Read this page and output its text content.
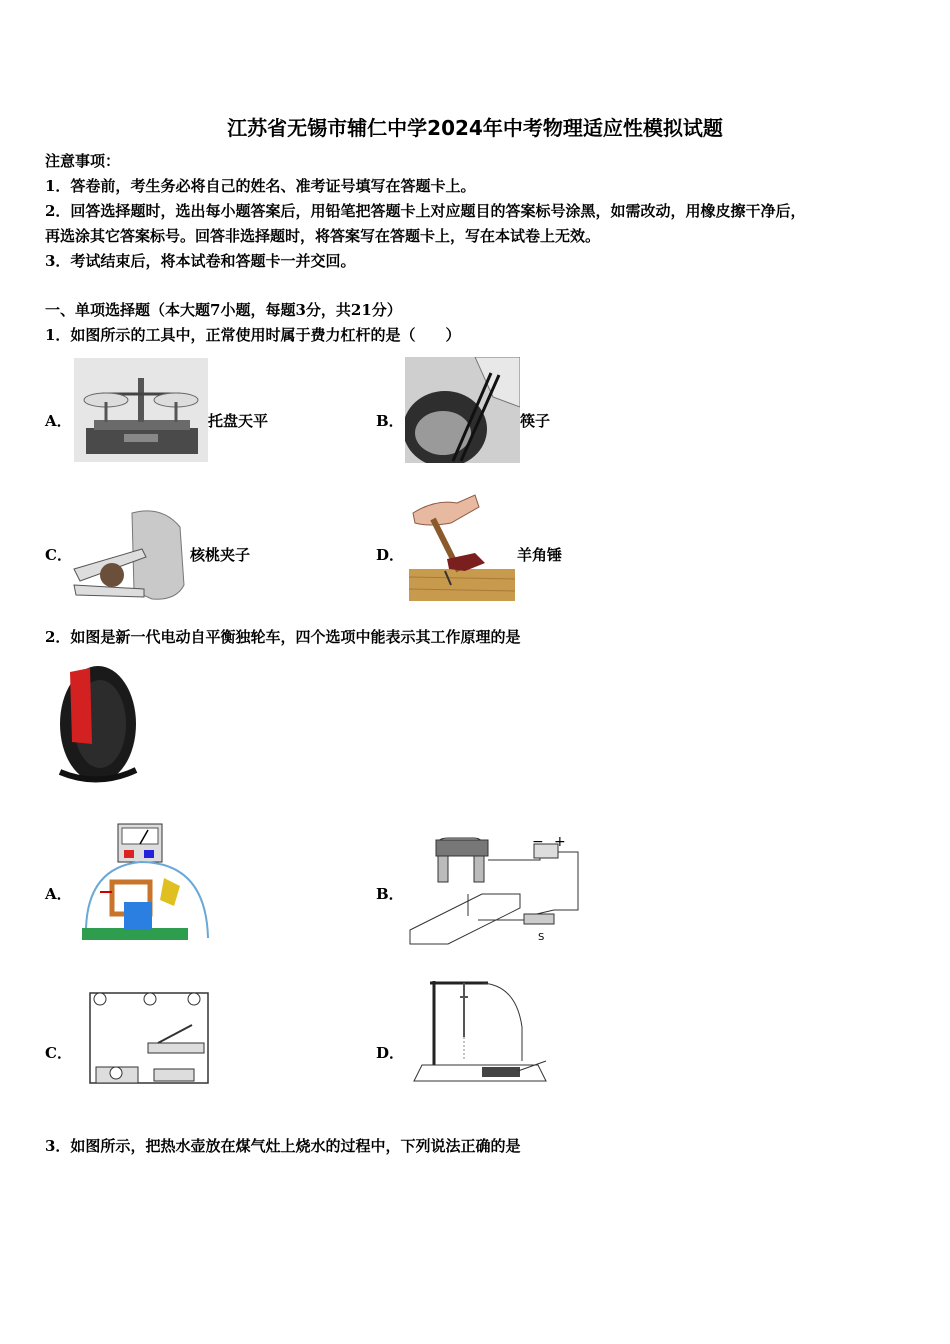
江苏省无锡市辅仁中学2024年中考物理适应性模拟试题
注意事项：
1．答卷前，考生务必将自己的姓名、准考证号填写在答题卡上。
2．回答选择题时，选出每小题答案后，用铅笔把答题卡上对应题目的答案标号涂黑，如需改动，用橡皮擦干净后，
再选涂其它答案标号。回答非选择题时，将答案写在答题卡上，写在本试卷上无效。
3．考试结束后，将本试卷和答题卡一并交回。
一、单项选择题（本大题7小题，每题3分，共21分）
1．如图所示的工具中，正常使用时属于费力杠杆的是（　　）
A．	托盘天平	B．	筷子
C．	核桃夹子	D．	羊角锤
2．如图是新一代电动自平衡独轮车，四个选项中能表示其工作原理的是
A．	B．
− +
S
C．	D．
3．如图所示，把热水壶放在煤气灶上烧水的过程中，下列说法正确的是
